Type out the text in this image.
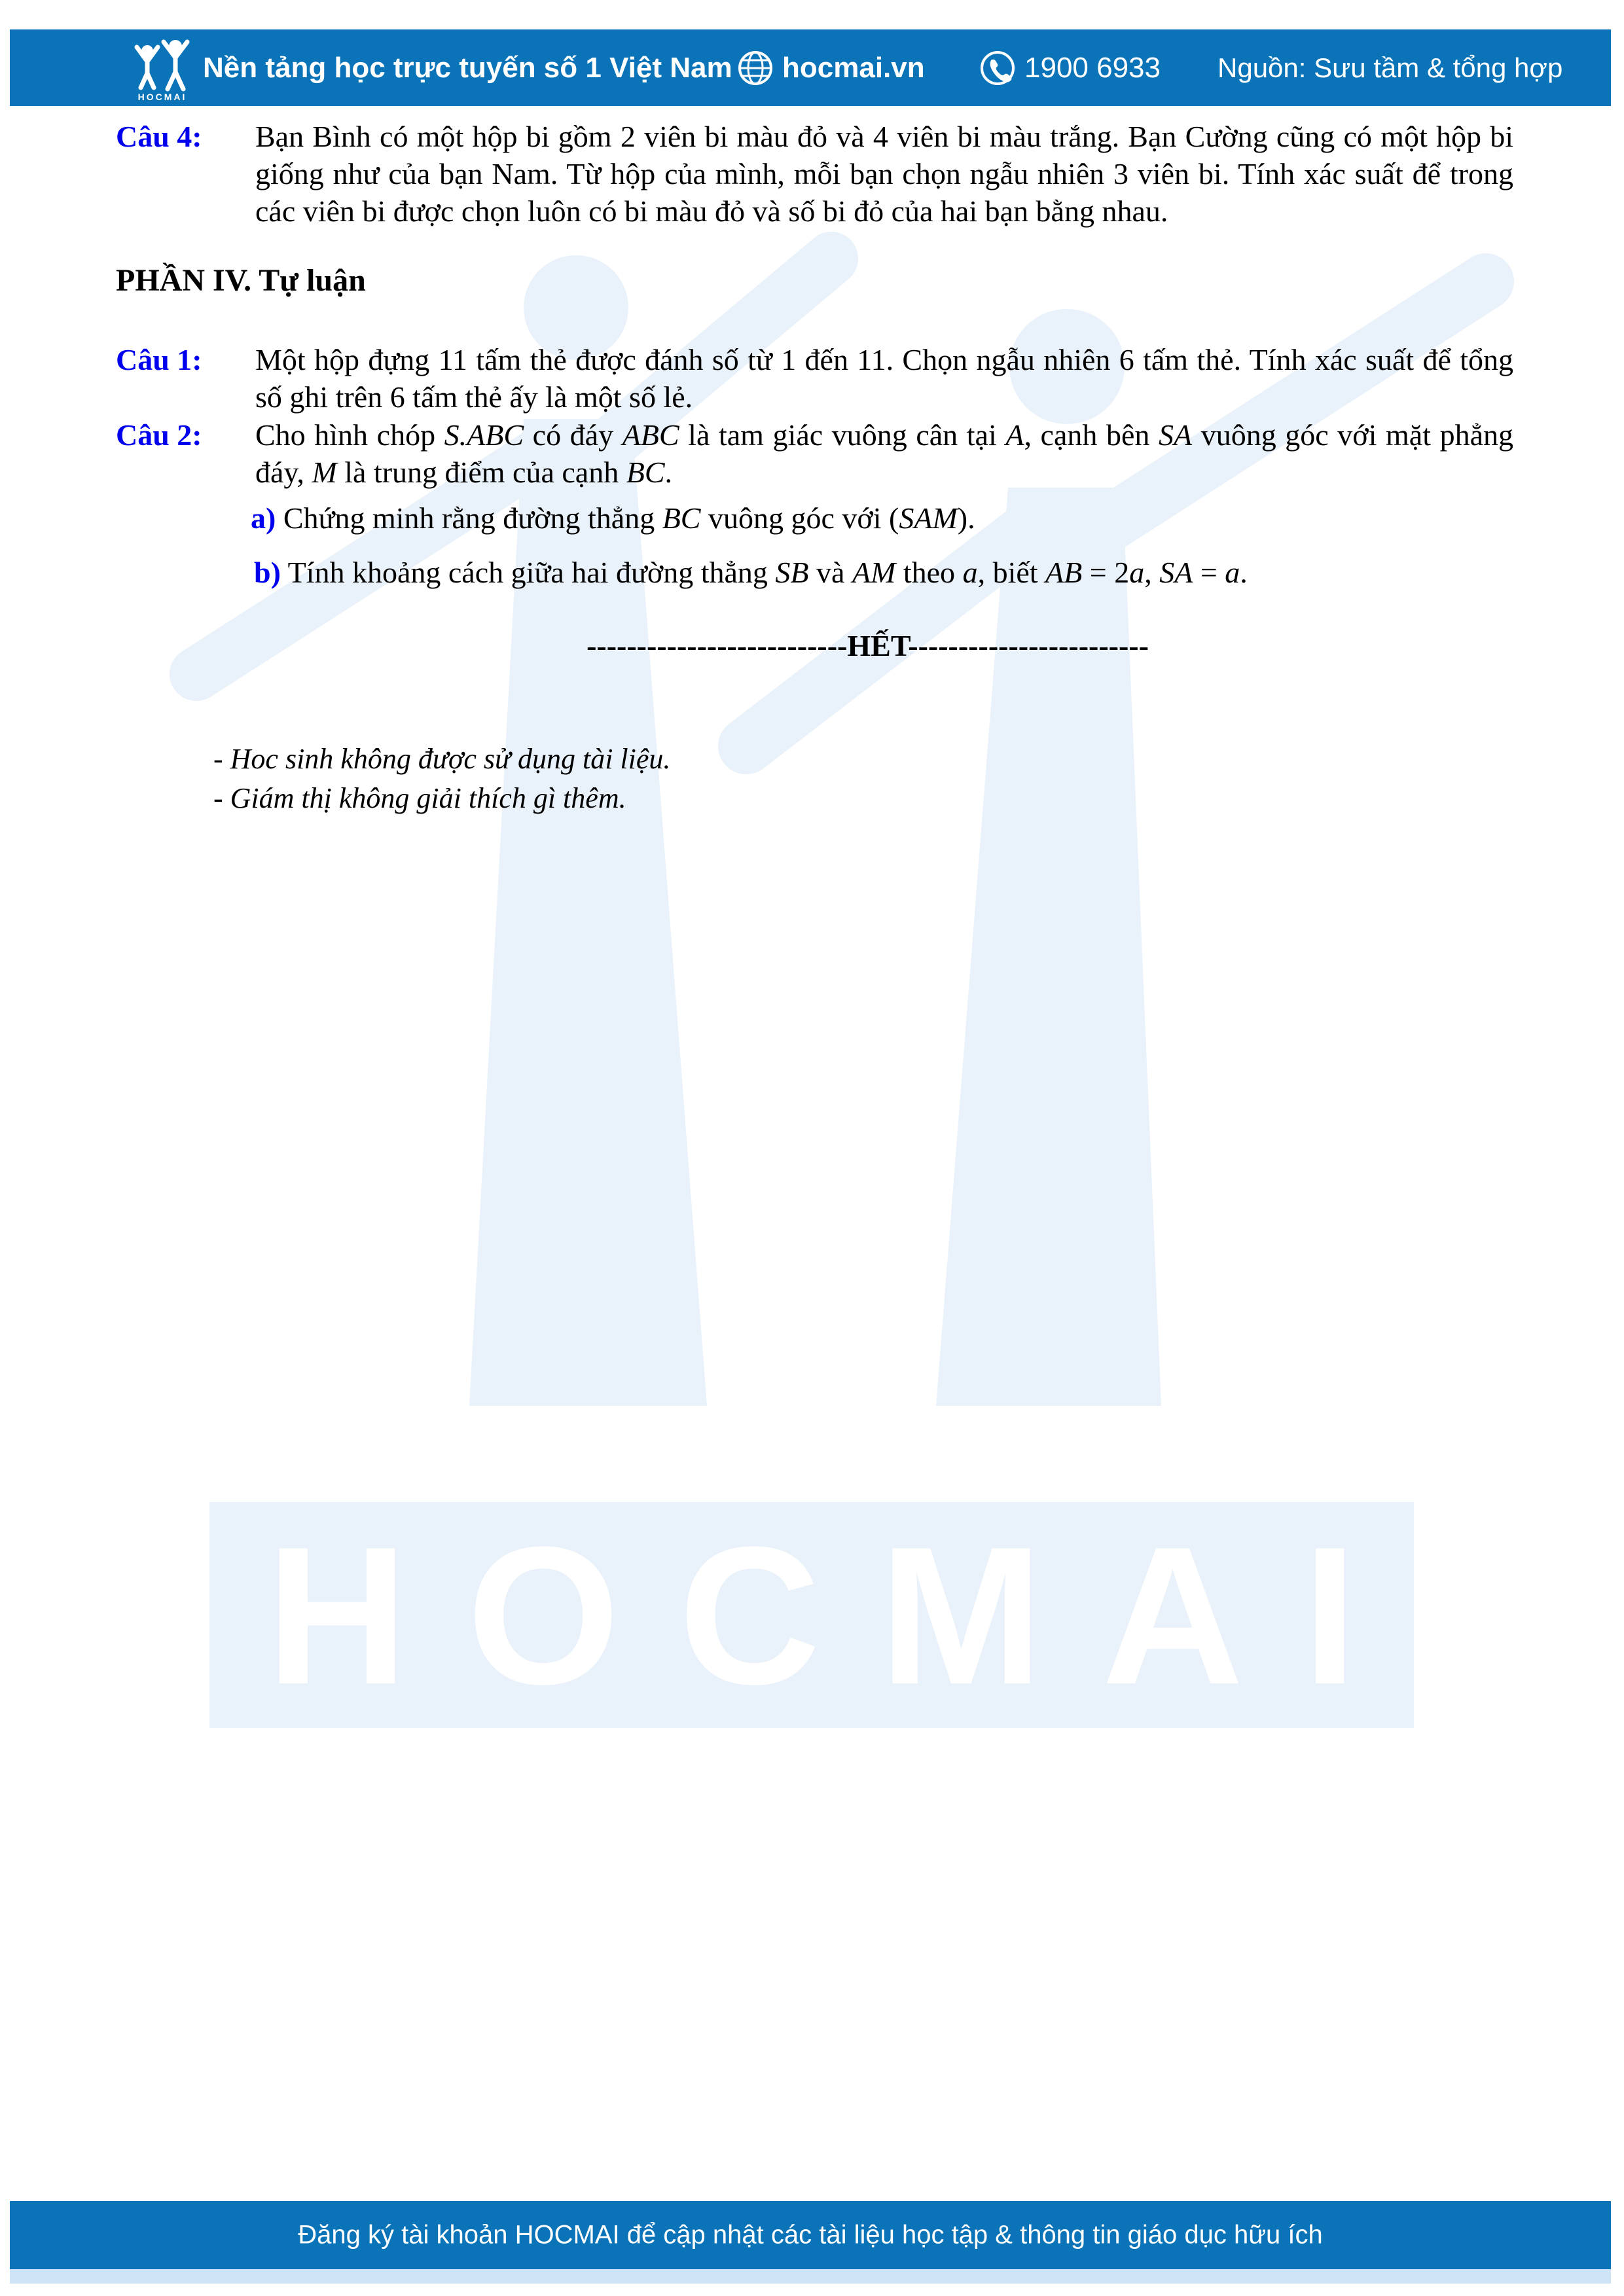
HOCMAI
HOCMAI
Nền tảng học trực tuyến số 1 Việt Nam hocmai.vn	1900 6933 Nguồn: Sưu tầm & tổng hợp
Câu 4: Bạn Bình có một hộp bi gồm 2 viên bi màu đỏ và 4 viên bi màu trắng. Bạn Cường cũng có một hộp bi giống như của bạn Nam. Từ hộp của mình, mỗi bạn chọn ngẫu nhiên 3 viên bi. Tính xác suất để trong các viên bi được chọn luôn có bi màu đỏ và số bi đỏ của hai bạn bằng nhau.
PHẦN IV. Tự luận
Câu 1: Một hộp đựng 11 tấm thẻ được đánh số từ 1 đến 11. Chọn ngẫu nhiên 6 tấm thẻ. Tính xác suất để tổng số ghi trên 6 tấm thẻ ấy là một số lẻ.
Câu 2: Cho hình chóp S.ABC có đáy ABC là tam giác vuông cân tại A, cạnh bên SA vuông góc với mặt phẳng đáy, M là trung điểm của cạnh BC.
a) Chứng minh rằng đường thẳng BC vuông góc với (SAM).
b) Tính khoảng cách giữa hai đường thẳng SB và AM theo a, biết AB = 2a, SA = a.
--------------------------HẾT------------------------
- Hoc sinh không được sử dụng tài liệu.
- Giám thị không giải thích gì thêm.
Đăng ký tài khoản HOCMAI để cập nhật các tài liệu học tập & thông tin giáo dục hữu ích
